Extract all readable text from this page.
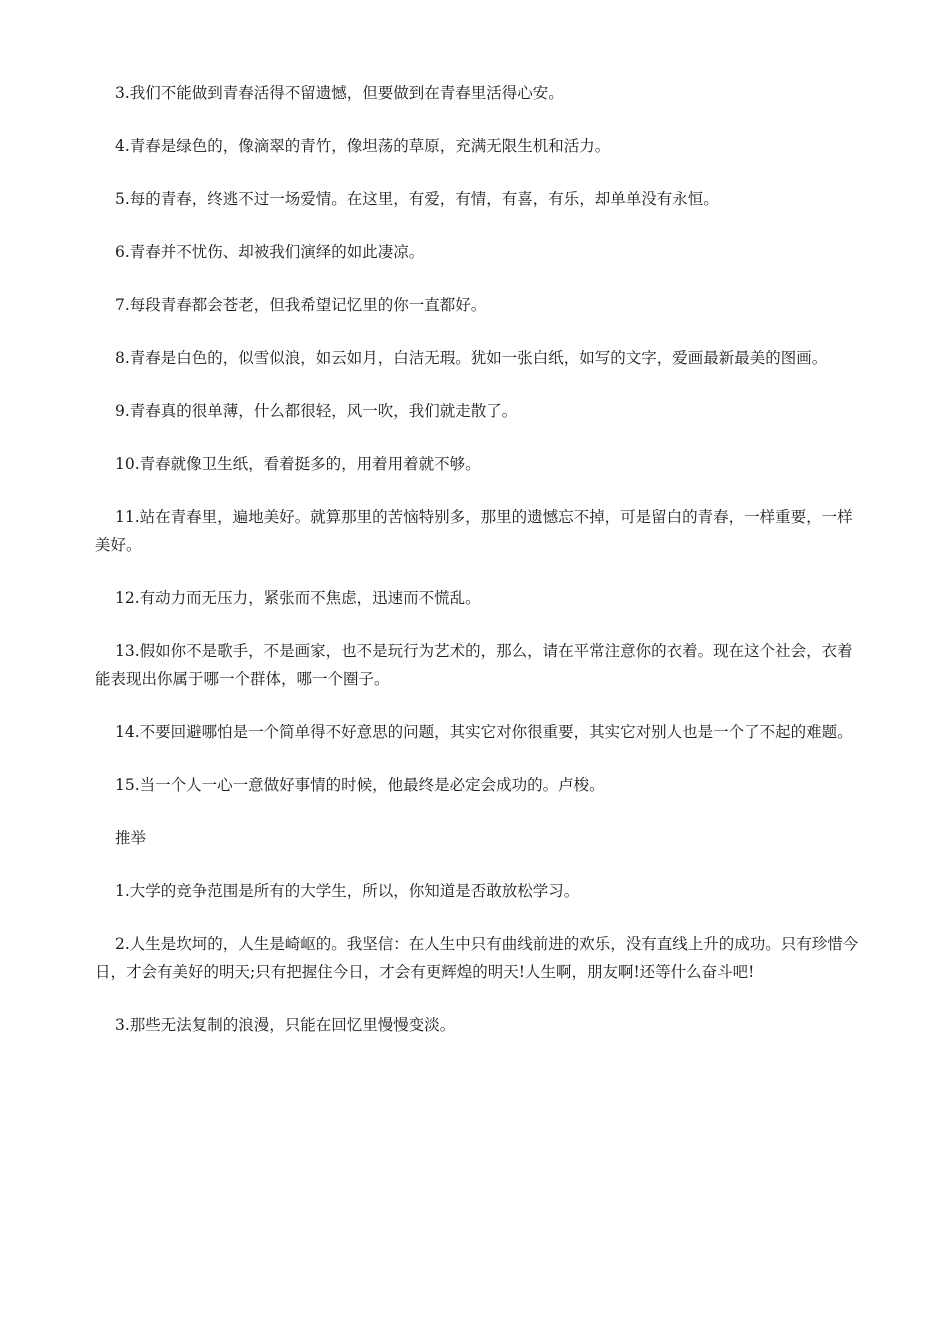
3.我们不能做到青春活得不留遗憾，但要做到在青春里活得心安。

4.青春是绿色的，像滴翠的青竹，像坦荡的草原，充满无限生机和活力。

5.每的青春，终逃不过一场爱情。在这里，有爱，有情，有喜，有乐，却单单没有永恒。

6.青春并不忧伤、却被我们演绎的如此凄凉。

7.每段青春都会苍老，但我希望记忆里的你一直都好。

8.青春是白色的，似雪似浪，如云如月，白洁无瑕。犹如一张白纸，如写的文字，爱画最新最美的图画。

9.青春真的很单薄，什么都很轻，风一吹，我们就走散了。

10.青春就像卫生纸，看着挺多的，用着用着就不够。

11.站在青春里，遍地美好。就算那里的苦恼特别多，那里的遗憾忘不掉，可是留白的青春，一样重要，一样美好。

12.有动力而无压力，紧张而不焦虑，迅速而不慌乱。

13.假如你不是歌手，不是画家，也不是玩行为艺术的，那么，请在平常注意你的衣着。现在这个社会，衣着能表现出你属于哪一个群体，哪一个圈子。

14.不要回避哪怕是一个简单得不好意思的问题，其实它对你很重要，其实它对别人也是一个了不起的难题。

15.当一个人一心一意做好事情的时候，他最终是必定会成功的。卢梭。

推举

1.大学的竞争范围是所有的大学生，所以，你知道是否敢放松学习。

2.人生是坎坷的，人生是崎岖的。我坚信：在人生中只有曲线前进的欢乐，没有直线上升的成功。只有珍惜今日，才会有美好的明天;只有把握住今日，才会有更辉煌的明天!人生啊，朋友啊!还等什么奋斗吧!

3.那些无法复制的浪漫，只能在回忆里慢慢变淡。
